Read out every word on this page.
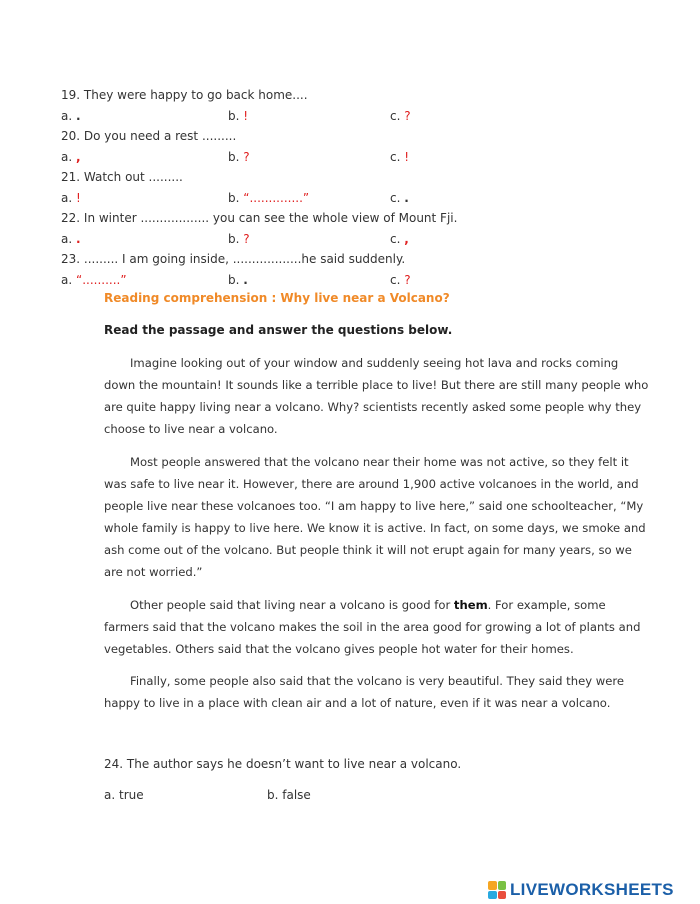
19. They were happy to go back home....
a. .	b. !	c. ?
20. Do you need a rest .........
a. ,	b. ?	c. !
21. Watch out .........
a. !	b. “..............”	c. .
22. In winter .................. you can see the whole view of Mount Fji.
a. .	b. ?	c. ,
23. ......... I am going inside, ..................he said suddenly.
a. “..........”	b. .	c. ?
Reading comprehension : Why live near a Volcano?
Read the passage and answer the questions below.

Imagine looking out of your window and suddenly seeing hot lava and rocks coming down the mountain! It sounds like a terrible place to live! But there are still many people who are quite happy living near a volcano. Why? scientists recently asked some people why they choose to live near a volcano.

Most people answered that the volcano near their home was not active, so they felt it was safe to live near it. However, there are around 1,900 active volcanoes in the world, and people live near these volcanoes too. “I am happy to live here,” said one schoolteacher, “My whole family is happy to live here. We know it is active. In fact, on some days, we smoke and ash come out of the volcano. But people think it will not erupt again for many years, so we are not worried.”

Other people said that living near a volcano is good for them. For example, some farmers said that the volcano makes the soil in the area good for growing a lot of plants and vegetables. Others said that the volcano gives people hot water for their homes.

Finally, some people also said that the volcano is very beautiful. They said they were happy to live in a place with clean air and a lot of nature, even if it was near a volcano.

24. The author says he doesn’t want to live near a volcano.
a. true	b. false
LIVEWORKSHEETS
